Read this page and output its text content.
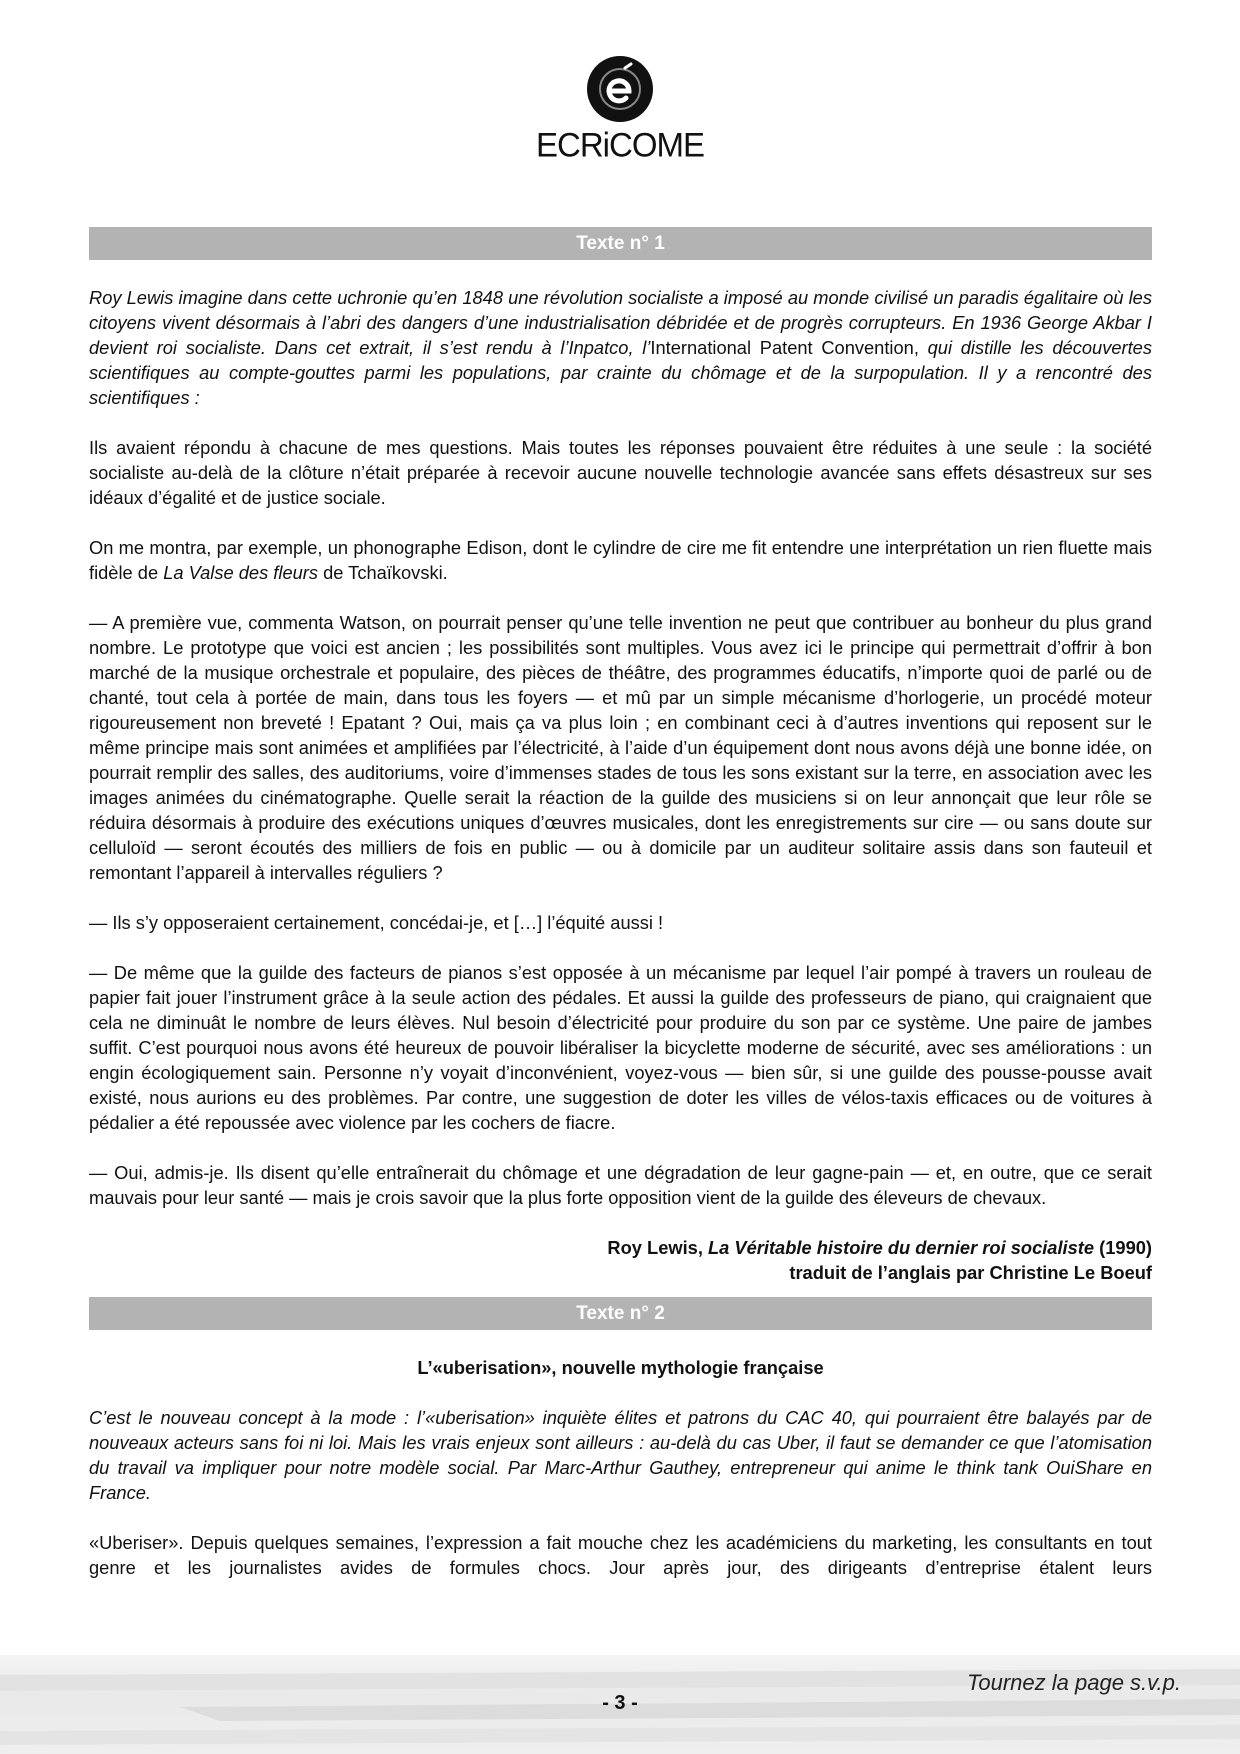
ECRiCOME
Texte n° 1

Roy Lewis imagine dans cette uchronie qu’en 1848 une révolution socialiste a imposé au monde civilisé un paradis égalitaire où les citoyens vivent désormais à l’abri des dangers d’une industrialisation débridée et de progrès corrupteurs. En 1936 George Akbar I devient roi socialiste. Dans cet extrait, il s’est rendu à l’Inpatco, l’International Patent Convention, qui distille les découvertes scientifiques au compte-gouttes parmi les populations, par crainte du chômage et de la surpopulation. Il y a rencontré des scientifiques :

Ils avaient répondu à chacune de mes questions. Mais toutes les réponses pouvaient être réduites à une seule : la société socialiste au-delà de la clôture n’était préparée à recevoir aucune nouvelle technologie avancée sans effets désastreux sur ses idéaux d’égalité et de justice sociale.

On me montra, par exemple, un phonographe Edison, dont le cylindre de cire me fit entendre une interprétation un rien fluette mais fidèle de La Valse des fleurs de Tchaïkovski.

— A première vue, commenta Watson, on pourrait penser qu’une telle invention ne peut que contribuer au bonheur du plus grand nombre. Le prototype que voici est ancien ; les possibilités sont multiples. Vous avez ici le principe qui permettrait d’offrir à bon marché de la musique orchestrale et populaire, des pièces de théâtre, des programmes éducatifs, n’importe quoi de parlé ou de chanté, tout cela à portée de main, dans tous les foyers — et mû par un simple mécanisme d’horlogerie, un procédé moteur rigoureusement non breveté ! Epatant ? Oui, mais ça va plus loin ; en combinant ceci à d’autres inventions qui reposent sur le même principe mais sont animées et amplifiées par l’électricité, à l’aide d’un équipement dont nous avons déjà une bonne idée, on pourrait remplir des salles, des auditoriums, voire d’immenses stades de tous les sons existant sur la terre, en association avec les images animées du cinématographe. Quelle serait la réaction de la guilde des musiciens si on leur annonçait que leur rôle se réduira désormais à produire des exécutions uniques d’œuvres musicales, dont les enregistrements sur cire — ou sans doute sur celluloïd — seront écoutés des milliers de fois en public — ou à domicile par un auditeur solitaire assis dans son fauteuil et remontant l’appareil à intervalles réguliers ?

— Ils s’y opposeraient certainement, concédai-je, et […] l’équité aussi !

— De même que la guilde des facteurs de pianos s’est opposée à un mécanisme par lequel l’air pompé à travers un rouleau de papier fait jouer l’instrument grâce à la seule action des pédales. Et aussi la guilde des professeurs de piano, qui craignaient que cela ne diminuât le nombre de leurs élèves. Nul besoin d’électricité pour produire du son par ce système. Une paire de jambes suffit. C’est pourquoi nous avons été heureux de pouvoir libéraliser la bicyclette moderne de sécurité, avec ses améliorations : un engin écologiquement sain. Personne n’y voyait d’inconvénient, voyez-vous — bien sûr, si une guilde des pousse-pousse avait existé, nous aurions eu des problèmes. Par contre, une suggestion de doter les villes de vélos-taxis efficaces ou de voitures à pédalier a été repoussée avec violence par les cochers de fiacre.

— Oui, admis-je. Ils disent qu’elle entraînerait du chômage et une dégradation de leur gagne-pain — et, en outre, que ce serait mauvais pour leur santé — mais je crois savoir que la plus forte opposition vient de la guilde des éleveurs de chevaux.

Roy Lewis, La Véritable histoire du dernier roi socialiste (1990)
traduit de l’anglais par Christine Le Boeuf
Texte n° 2
L’«uberisation», nouvelle mythologie française

C’est le nouveau concept à la mode : l’«uberisation» inquiète élites et patrons du CAC 40, qui pourraient être balayés par de nouveaux acteurs sans foi ni loi. Mais les vrais enjeux sont ailleurs : au-delà du cas Uber, il faut se demander ce que l’atomisation du travail va impliquer pour notre modèle social. Par Marc-Arthur Gauthey, entrepreneur qui anime le think tank OuiShare en France.

«Uberiser». Depuis quelques semaines, l’expression a fait mouche chez les académiciens du marketing, les consultants en tout genre et les journalistes avides de formules chocs. Jour après jour, des dirigeants d’entreprise étalent leurs

Tournez la page s.v.p.
- 3 -
